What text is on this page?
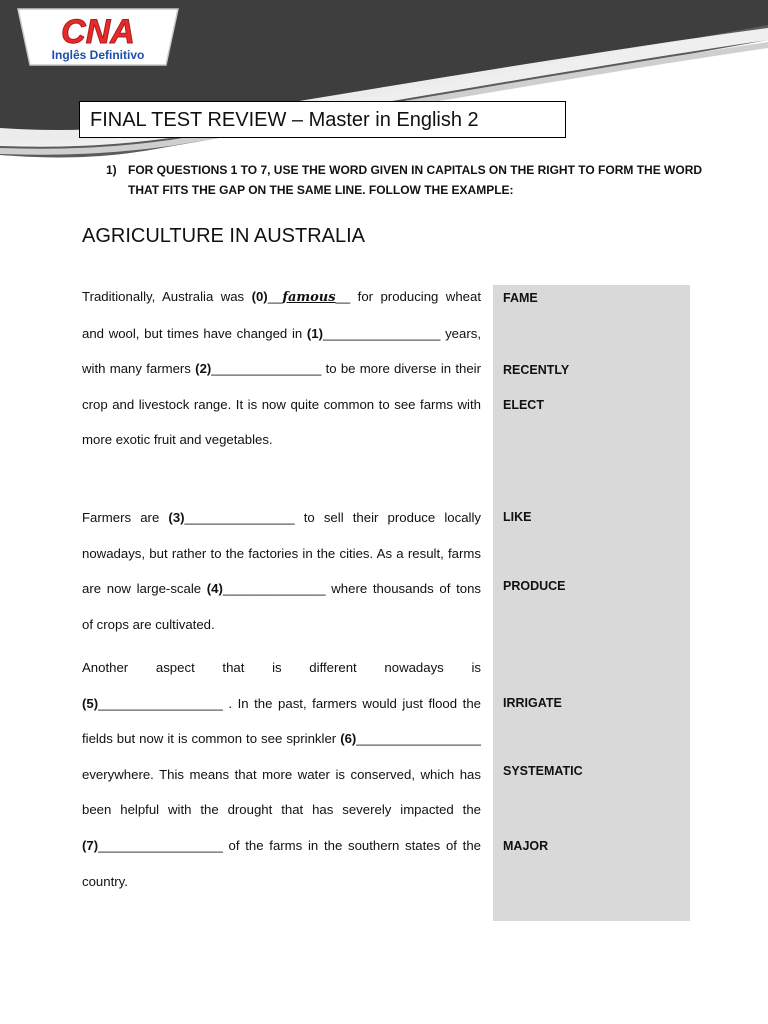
CNA
Inglês Definitivo
FINAL TEST REVIEW – Master in English 2
1) FOR QUESTIONS 1 TO 7, USE THE WORD GIVEN IN CAPITALS ON THE RIGHT TO FORM THE WORD THAT FITS THE GAP ON THE SAME LINE. FOLLOW THE EXAMPLE:
AGRICULTURE IN AUSTRALIA
FAME
RECENTLY
ELECT
LIKE
PRODUCE
IRRIGATE
SYSTEMATIC
MAJOR
Traditionally, Australia was (0)__famous__ for producing wheat and wool, but times have changed in (1)________________ years, with many farmers (2)_______________ to be more diverse in their crop and livestock range. It is now quite common to see farms with more exotic fruit and vegetables.
Farmers are (3)_______________ to sell their produce locally nowadays, but rather to the factories in the cities. As a result, farms are now large-scale (4)______________ where thousands of tons of crops are cultivated.
Another aspect that is different nowadays is (5)_________________ . In the past, farmers would just flood the fields but now it is common to see sprinkler (6)_________________ everywhere. This means that more water is conserved, which has been helpful with the drought that has severely impacted the (7)_________________ of the farms in the southern states of the country.
